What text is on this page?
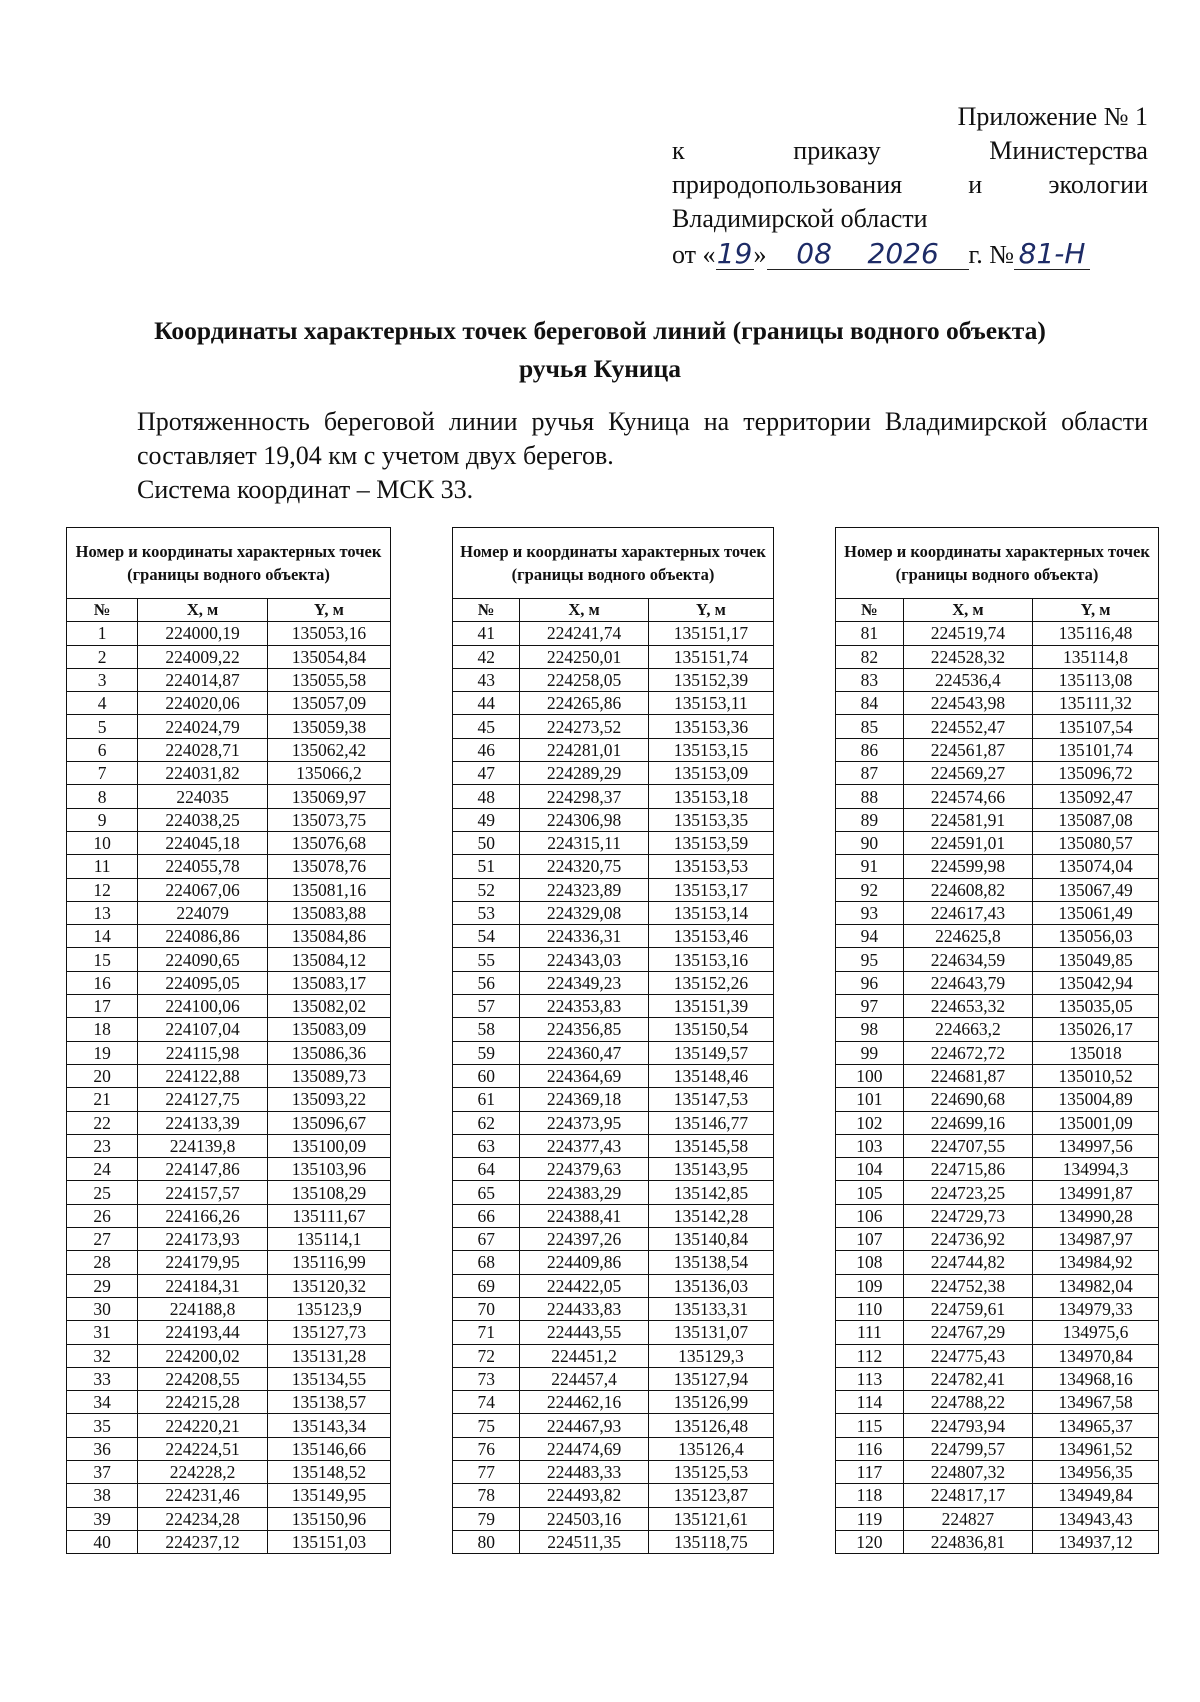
Приложение № 1
к	приказу	Министерства
природопользования	и	экологии
Владимирской области
от « 19 »	08 2026	г. № 81-Н
Координаты характерных точек береговой линий (границы водного объекта)
ручья Куница

Протяженность береговой линии ручья Куница на территории Владимирской области составляет 19,04 км с учетом двух берегов.

Система координат – МСК 33.

Номер и координаты характерных точек (границы водного объекта)		
№	X, м	Y, м
1	224000,19	135053,16
2	224009,22	135054,84
3	224014,87	135055,58
4	224020,06	135057,09
5	224024,79	135059,38
6	224028,71	135062,42
7	224031,82	135066,2
8	224035	135069,97
9	224038,25	135073,75
10	224045,18	135076,68
11	224055,78	135078,76
12	224067,06	135081,16
13	224079	135083,88
14	224086,86	135084,86
15	224090,65	135084,12
16	224095,05	135083,17
17	224100,06	135082,02
18	224107,04	135083,09
19	224115,98	135086,36
20	224122,88	135089,73
21	224127,75	135093,22
22	224133,39	135096,67
23	224139,8	135100,09
24	224147,86	135103,96
25	224157,57	135108,29
26	224166,26	135111,67
27	224173,93	135114,1
28	224179,95	135116,99
29	224184,31	135120,32
30	224188,8	135123,9
31	224193,44	135127,73
32	224200,02	135131,28
33	224208,55	135134,55
34	224215,28	135138,57
35	224220,21	135143,34
36	224224,51	135146,66
37	224228,2	135148,52
38	224231,46	135149,95
39	224234,28	135150,96
40	224237,12	135151,03
Номер и координаты характерных точек (границы водного объекта)		
№	X, м	Y, м
41	224241,74	135151,17
42	224250,01	135151,74
43	224258,05	135152,39
44	224265,86	135153,11
45	224273,52	135153,36
46	224281,01	135153,15
47	224289,29	135153,09
48	224298,37	135153,18
49	224306,98	135153,35
50	224315,11	135153,59
51	224320,75	135153,53
52	224323,89	135153,17
53	224329,08	135153,14
54	224336,31	135153,46
55	224343,03	135153,16
56	224349,23	135152,26
57	224353,83	135151,39
58	224356,85	135150,54
59	224360,47	135149,57
60	224364,69	135148,46
61	224369,18	135147,53
62	224373,95	135146,77
63	224377,43	135145,58
64	224379,63	135143,95
65	224383,29	135142,85
66	224388,41	135142,28
67	224397,26	135140,84
68	224409,86	135138,54
69	224422,05	135136,03
70	224433,83	135133,31
71	224443,55	135131,07
72	224451,2	135129,3
73	224457,4	135127,94
74	224462,16	135126,99
75	224467,93	135126,48
76	224474,69	135126,4
77	224483,33	135125,53
78	224493,82	135123,87
79	224503,16	135121,61
80	224511,35	135118,75
Номер и координаты характерных точек (границы водного объекта)		
№	X, м	Y, м
81	224519,74	135116,48
82	224528,32	135114,8
83	224536,4	135113,08
84	224543,98	135111,32
85	224552,47	135107,54
86	224561,87	135101,74
87	224569,27	135096,72
88	224574,66	135092,47
89	224581,91	135087,08
90	224591,01	135080,57
91	224599,98	135074,04
92	224608,82	135067,49
93	224617,43	135061,49
94	224625,8	135056,03
95	224634,59	135049,85
96	224643,79	135042,94
97	224653,32	135035,05
98	224663,2	135026,17
99	224672,72	135018
100	224681,87	135010,52
101	224690,68	135004,89
102	224699,16	135001,09
103	224707,55	134997,56
104	224715,86	134994,3
105	224723,25	134991,87
106	224729,73	134990,28
107	224736,92	134987,97
108	224744,82	134984,92
109	224752,38	134982,04
110	224759,61	134979,33
111	224767,29	134975,6
112	224775,43	134970,84
113	224782,41	134968,16
114	224788,22	134967,58
115	224793,94	134965,37
116	224799,57	134961,52
117	224807,32	134956,35
118	224817,17	134949,84
119	224827	134943,43
120	224836,81	134937,12
